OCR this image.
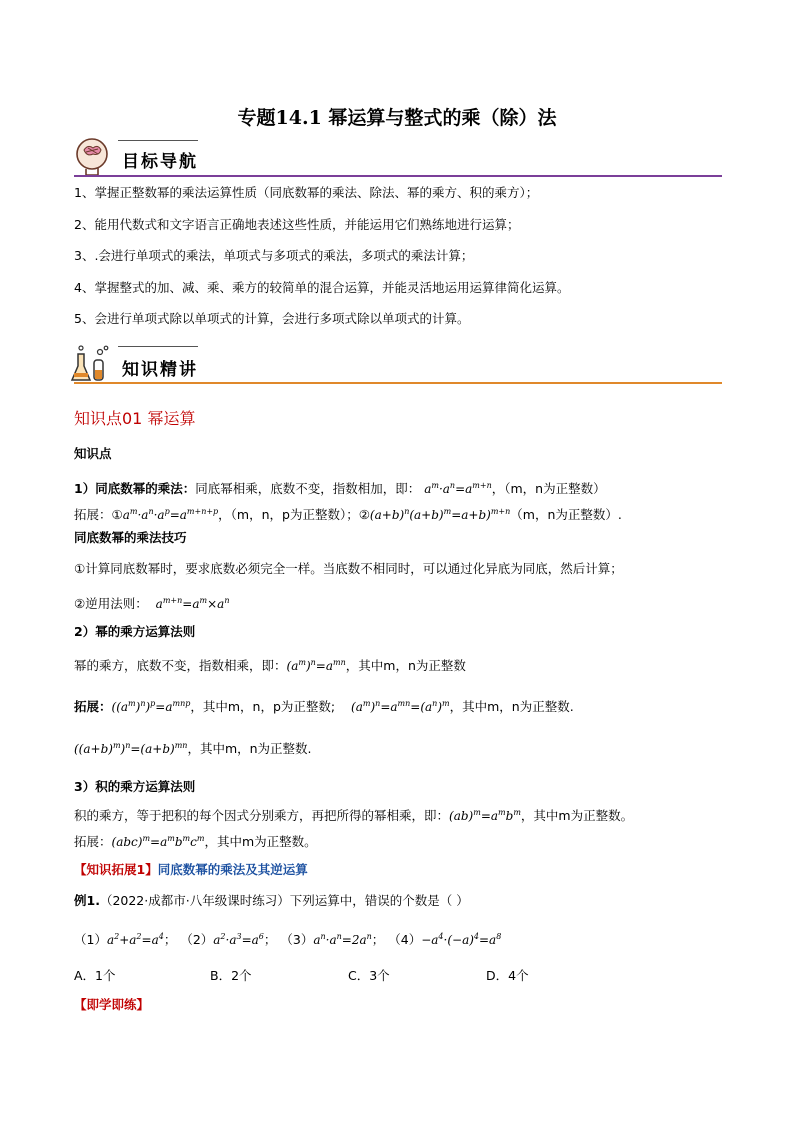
专题14.1 幂运算与整式的乘（除）法
目标导航
1、掌握正整数幂的乘法运算性质（同底数幂的乘法、除法、幂的乘方、积的乘方）；
2、能用代数式和文字语言正确地表述这些性质，并能运用它们熟练地进行运算；
3、.会进行单项式的乘法，单项式与多项式的乘法，多项式的乘法计算；
4、掌握整式的加、减、乘、乘方的较简单的混合运算，并能灵活地运用运算律简化运算。
5、会进行单项式除以单项式的计算，会进行多项式除以单项式的计算。
知识精讲
知识点01 幂运算
知识点
1）同底数幂的乘法：同底幂相乘，底数不变，指数相加，即： $a^m\cdot a^n=a^{m+n}$，（m，n为正整数）
拓展：$①a^m\cdot a^n\cdot a^p=a^{m+n+p}$，（m，n，p为正整数）；$②(a+b)^n(a+b)^m=a+b)^{m+n}(m$，n为正整数）.
同底数幂的乘法技巧
①计算同底数幂时，要求底数必须完全一样。当底数不相同时，可以通过化异底为同底，然后计算；
②逆用法则： $a^{m+n}=a^m\times a^n$
2）幂的乘方运算法则
幂的乘方，底数不变，指数相乘，即：$(a^m)^n=a^{mn}$，其中m，n为正整数
拓展：$((a^m)^n)^p=a^{mnp}$，其中m，n，p为正整数; $(a^m)^n=a^{mn}=(a^n)^m$，其中m，n为正整数.
$((a+b)^m)^n=(a+b)^{mn}$，其中m，n为正整数.
3）积的乘方运算法则
积的乘方，等于把积的每个因式分别乘方，再把所得的幂相乘，即：$(ab)^m=a^mb^m$，其中m为正整数。
拓展：$(abc)^m=a^mb^mc^m$，其中m为正整数。
【知识拓展1】同底数幂的乘法及其逆运算
例1.（2022·成都市·八年级课时练习）下列运算中，错误的个数是（ ）
$(1)a^2+a^2=a^4$； $(2)a^2\cdot a^3=a^6$； $(3)a^n\cdot a^n=2a^n$； $(4)-a^4\cdot(-a)^4=a^8$
A．1个	B．2个	C．3个	D．4个
【即学即练】
